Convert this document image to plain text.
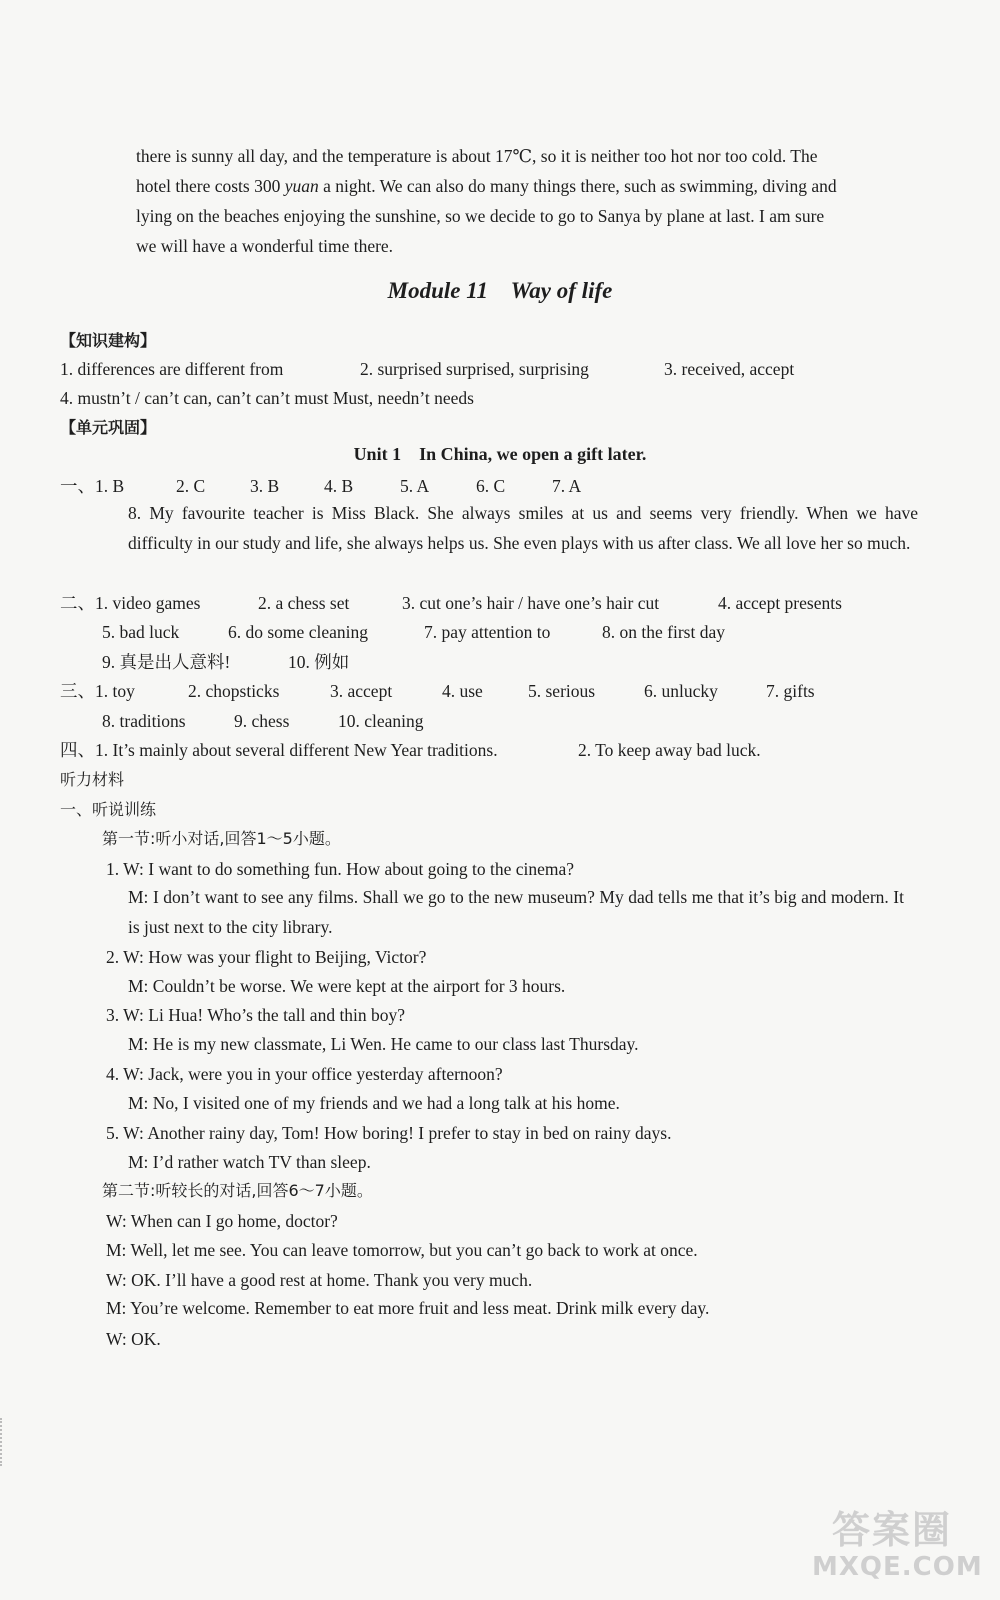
there is sunny all day, and the temperature is about 17℃, so it is neither too hot nor too cold. The
hotel there costs 300 yuan a night. We can also do many things there, such as swimming, diving and
lying on the beaches enjoying the sunshine, so we decide to go to Sanya by plane at last. I am sure
we will have a wonderful time there.
Module 11    Way of life
【知识建构】
1. differences are different from	2. surprised surprised, surprising	3. received, accept
4. mustn’t / can’t can, can’t can’t must Must, needn’t needs
【单元巩固】
Unit 1    In China, we open a gift later.
一、1. B	2. C	3. B	4. B	5. A	6. C	7. A
8. My favourite teacher is Miss Black. She always smiles at us and seems very friendly. When we have difficulty in our study and life, she always helps us. She even plays with us after class. We all love her so much.
二、1. video games	2. a chess set	3. cut one’s hair / have one’s hair cut	4. accept presents
5. bad luck	6. do some cleaning	7. pay attention to	8. on the first day
9. 真是出人意料!	10. 例如
三、1. toy	2. chopsticks	3. accept	4. use	5. serious	6. unlucky	7. gifts
8. traditions	9. chess	10. cleaning
四、1. It’s mainly about several different New Year traditions.	2. To keep away bad luck.
听力材料
一、听说训练
第一节:听小对话,回答1～5小题。
1. W: I want to do something fun. How about going to the cinema?
M: I don’t want to see any films. Shall we go to the new museum? My dad tells me that it’s big and modern. It is just next to the city library.
2. W: How was your flight to Beijing, Victor?
M: Couldn’t be worse. We were kept at the airport for 3 hours.
3. W: Li Hua! Who’s the tall and thin boy?
M: He is my new classmate, Li Wen. He came to our class last Thursday.
4. W: Jack, were you in your office yesterday afternoon?
M: No, I visited one of my friends and we had a long talk at his home.
5. W: Another rainy day, Tom! How boring! I prefer to stay in bed on rainy days.
M: I’d rather watch TV than sleep.
第二节:听较长的对话,回答6～7小题。
W: When can I go home, doctor?
M: Well, let me see. You can leave tomorrow, but you can’t go back to work at once.
W: OK. I’ll have a good rest at home. Thank you very much.
M: You’re welcome. Remember to eat more fruit and less meat. Drink milk every day.
W: OK.
答案圈
MXQE.COM
